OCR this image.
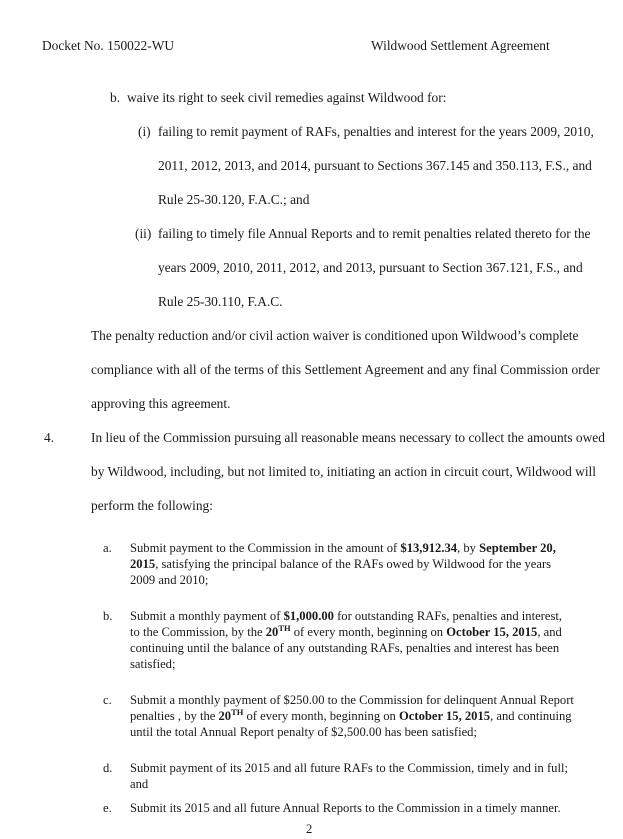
Docket No. 150022-WU	Wildwood Settlement Agreement
b. waive its right to seek civil remedies against Wildwood for:
(i) failing to remit payment of RAFs, penalties and interest for the years 2009, 2010,
2011, 2012, 2013, and 2014, pursuant to Sections 367.145 and 350.113, F.S., and
Rule 25-30.120, F.A.C.; and
(ii) failing to timely file Annual Reports and to remit penalties related thereto for the
years 2009, 2010, 2011, 2012, and 2013, pursuant to Section 367.121, F.S., and
Rule 25-30.110, F.A.C.
The penalty reduction and/or civil action waiver is conditioned upon Wildwood’s complete
compliance with all of the terms of this Settlement Agreement and any final Commission order
approving this agreement.
4.	In lieu of the Commission pursuing all reasonable means necessary to collect the amounts owed
by Wildwood, including, but not limited to, initiating an action in circuit court, Wildwood will
perform the following:
a. Submit payment to the Commission in the amount of $13,912.34, by September 20,
2015, satisfying the principal balance of the RAFs owed by Wildwood for the years
2009 and 2010;
b. Submit a monthly payment of $1,000.00 for outstanding RAFs, penalties and interest,
to the Commission, by the 20TH of every month, beginning on October 15, 2015, and
continuing until the balance of any outstanding RAFs, penalties and interest has been
satisfied;
c. Submit a monthly payment of $250.00 to the Commission for delinquent Annual Report
penalties , by the 20TH of every month, beginning on October 15, 2015, and continuing
until the total Annual Report penalty of $2,500.00 has been satisfied;
d. Submit payment of its 2015 and all future RAFs to the Commission, timely and in full;
and
e. Submit its 2015 and all future Annual Reports to the Commission in a timely manner.
2
